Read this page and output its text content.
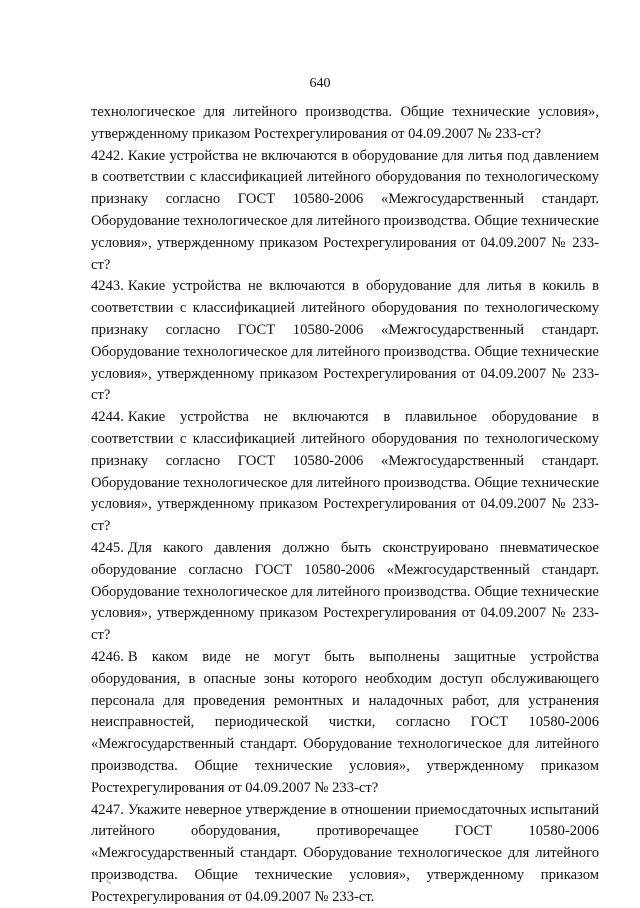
640

технологическое для литейного производства. Общие технические условия», утвержденному приказом Ростехрегулирования от 04.09.2007 № 233-ст?

4242. Какие устройства не включаются в оборудование для литья под давлением в соответствии с классификацией литейного оборудования по технологическому признаку согласно ГОСТ 10580-2006 «Межгосударственный стандарт. Оборудование технологическое для литейного производства. Общие технические условия», утвержденному приказом Ростехрегулирования от 04.09.2007 № 233-ст?

4243. Какие устройства не включаются в оборудование для литья в кокиль в соответствии с классификацией литейного оборудования по технологическому признаку согласно ГОСТ 10580-2006 «Межгосударственный стандарт. Оборудование технологическое для литейного производства. Общие технические условия», утвержденному приказом Ростехрегулирования от 04.09.2007 № 233-ст?

4244. Какие устройства не включаются в плавильное оборудование в соответствии с классификацией литейного оборудования по технологическому признаку согласно ГОСТ 10580-2006 «Межгосударственный стандарт. Оборудование технологическое для литейного производства. Общие технические условия», утвержденному приказом Ростехрегулирования от 04.09.2007 № 233-ст?

4245. Для какого давления должно быть сконструировано пневматическое оборудование согласно ГОСТ 10580-2006 «Межгосударственный стандарт. Оборудование технологическое для литейного производства. Общие технические условия», утвержденному приказом Ростехрегулирования от 04.09.2007 № 233-ст?

4246. В каком виде не могут быть выполнены защитные устройства оборудования, в опасные зоны которого необходим доступ обслуживающего персонала для проведения ремонтных и наладочных работ, для устранения неисправностей, периодической чистки, согласно ГОСТ 10580-2006 «Межгосударственный стандарт. Оборудование технологическое для литейного производства. Общие технические условия», утвержденному приказом Ростехрегулирования от 04.09.2007 № 233-ст?

4247. Укажите неверное утверждение в отношении приемосдаточных испытаний литейного оборудования, противоречащее ГОСТ 10580-2006 «Межгосударственный стандарт. Оборудование технологическое для литейного производства. Общие технические условия», утвержденному приказом Ростехрегулирования от 04.09.2007 № 233-ст.
